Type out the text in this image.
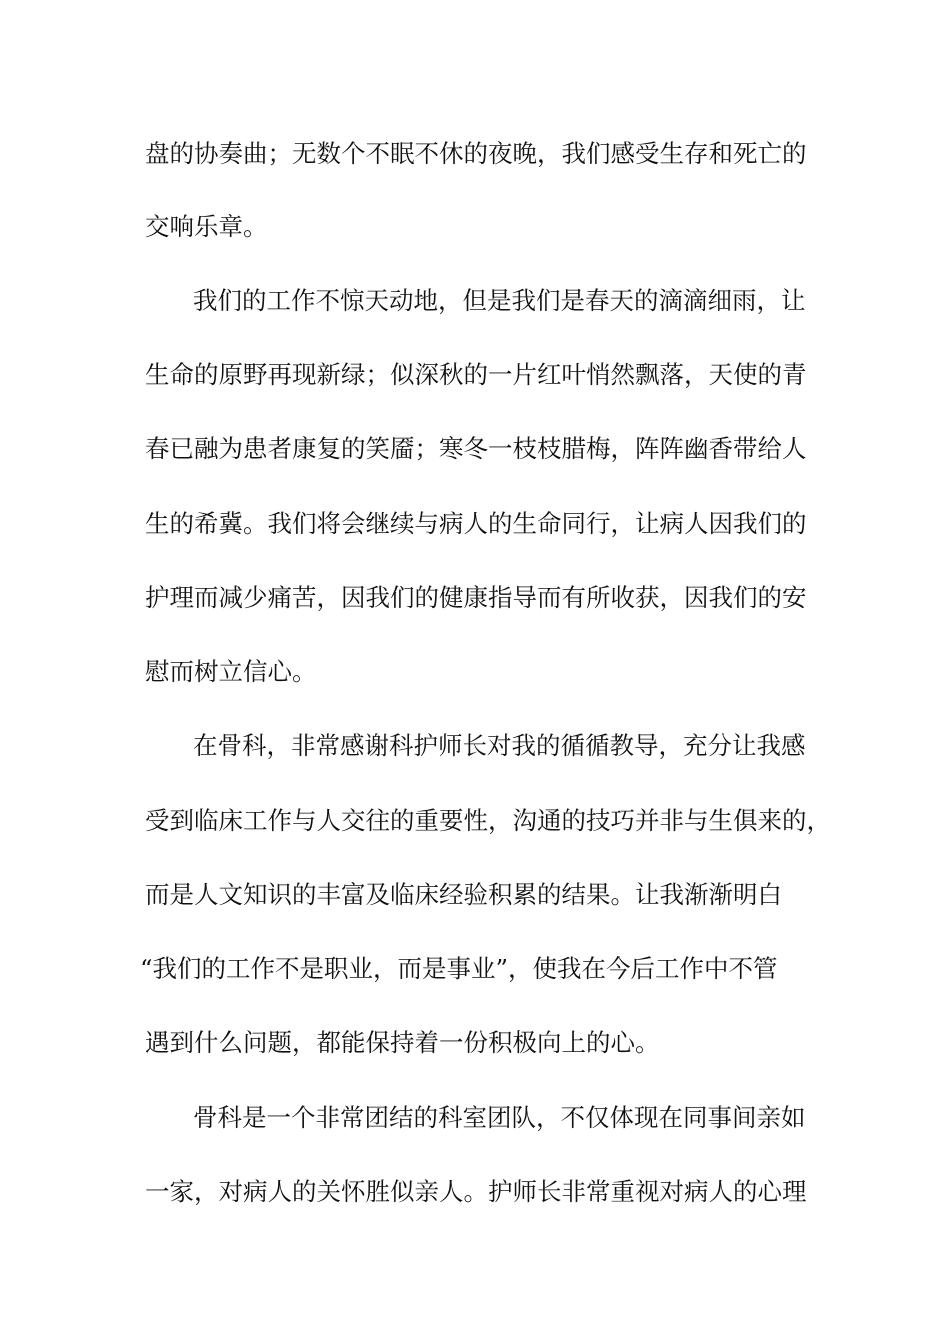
盘的协奏曲；无数个不眠不休的夜晚，我们感受生存和死亡的
交响乐章。
我们的工作不惊天动地，但是我们是春天的滴滴细雨，让
生命的原野再现新绿；似深秋的一片红叶悄然飘落，天使的青
春已融为患者康复的笑靥；寒冬一枝枝腊梅，阵阵幽香带给人
生的希冀。我们将会继续与病人的生命同行，让病人因我们的
护理而减少痛苦，因我们的健康指导而有所收获，因我们的安
慰而树立信心。
在骨科，非常感谢科护师长对我的循循教导，充分让我感
受到临床工作与人交往的重要性，沟通的技巧并非与生俱来的，
而是人文知识的丰富及临床经验积累的结果。让我渐渐明白
“我们的工作不是职业，而是事业”，使我在今后工作中不管
遇到什么问题，都能保持着一份积极向上的心。
骨科是一个非常团结的科室团队，不仅体现在同事间亲如
一家，对病人的关怀胜似亲人。护师长非常重视对病人的心理
